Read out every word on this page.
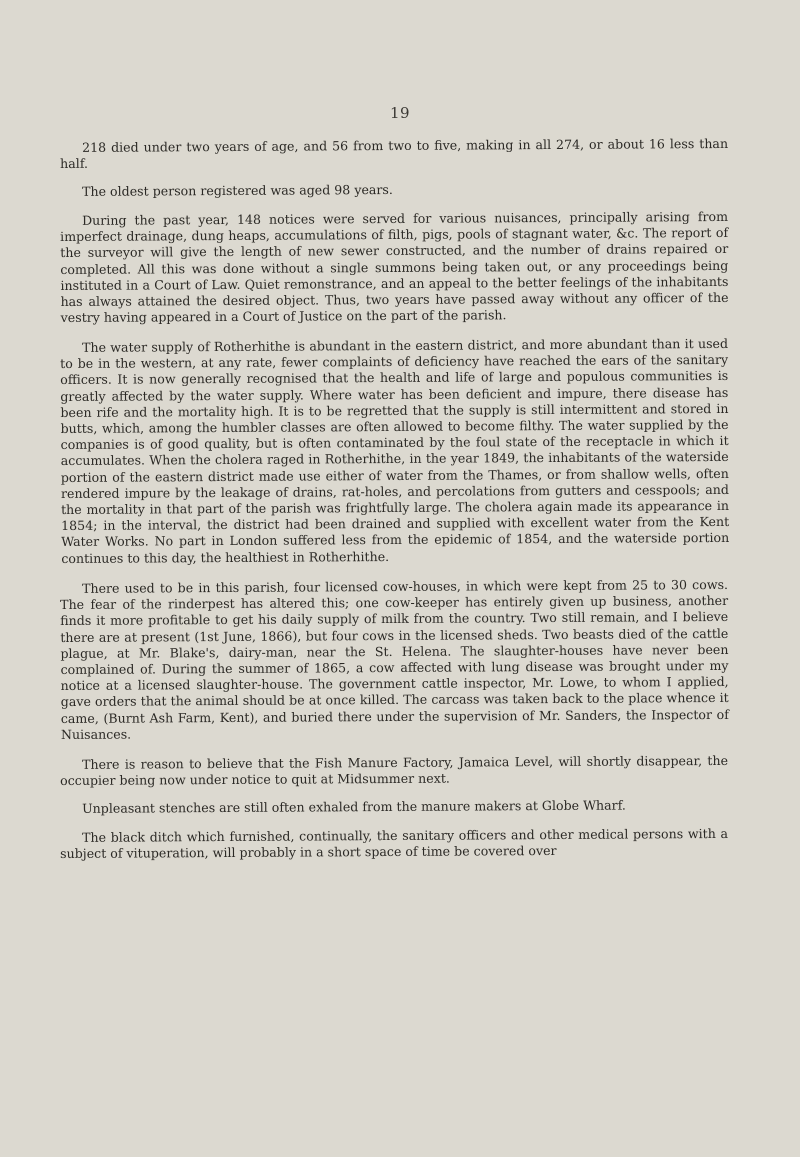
19

218 died under two years of age, and 56 from two to five, making in all 274, or about 16 less than half.

The oldest person registered was aged 98 years.

During the past year, 148 notices were served for various nuisances, principally arising from imperfect drainage, dung heaps, accumulations of filth, pigs, pools of stagnant water, &c. The report of the surveyor will give the length of new sewer constructed, and the number of drains repaired or completed. All this was done without a single summons being taken out, or any proceedings being instituted in a Court of Law. Quiet remonstrance, and an appeal to the better feelings of the inhabitants has always attained the desired object. Thus, two years have passed away without any officer of the vestry having appeared in a Court of Justice on the part of the parish.

The water supply of Rotherhithe is abundant in the eastern district, and more abundant than it used to be in the western, at any rate, fewer complaints of deficiency have reached the ears of the sanitary officers. It is now generally recognised that the health and life of large and populous communities is greatly affected by the water supply. Where water has been deficient and impure, there disease has been rife and the mortality high. It is to be regretted that the supply is still intermittent and stored in butts, which, among the humbler classes are often allowed to become filthy. The water supplied by the companies is of good quality, but is often contaminated by the foul state of the receptacle in which it accumulates. When the cholera raged in Rotherhithe, in the year 1849, the inhabitants of the waterside portion of the eastern district made use either of water from the Thames, or from shallow wells, often rendered impure by the leakage of drains, rat-holes, and percolations from gutters and cesspools; and the mortality in that part of the parish was frightfully large. The cholera again made its appearance in 1854; in the interval, the district had been drained and supplied with excellent water from the Kent Water Works. No part in London suffered less from the epidemic of 1854, and the waterside portion continues to this day, the healthiest in Rotherhithe.

There used to be in this parish, four licensed cow-houses, in which were kept from 25 to 30 cows. The fear of the rinderpest has altered this; one cow-keeper has entirely given up business, another finds it more profitable to get his daily supply of milk from the country. Two still remain, and I believe there are at present (1st June, 1866), but four cows in the licensed sheds. Two beasts died of the cattle plague, at Mr. Blake's, dairy-man, near the St. Helena. The slaughter-houses have never been complained of. During the summer of 1865, a cow affected with lung disease was brought under my notice at a licensed slaughter-house. The government cattle inspector, Mr. Lowe, to whom I applied, gave orders that the animal should be at once killed. The carcass was taken back to the place whence it came, (Burnt Ash Farm, Kent), and buried there under the supervision of Mr. Sanders, the Inspector of Nuisances.

There is reason to believe that the Fish Manure Factory, Jamaica Level, will shortly disappear, the occupier being now under notice to quit at Midsummer next.

Unpleasant stenches are still often exhaled from the manure makers at Globe Wharf.

The black ditch which furnished, continually, the sanitary officers and other medical persons with a subject of vituperation, will probably in a short space of time be covered over
